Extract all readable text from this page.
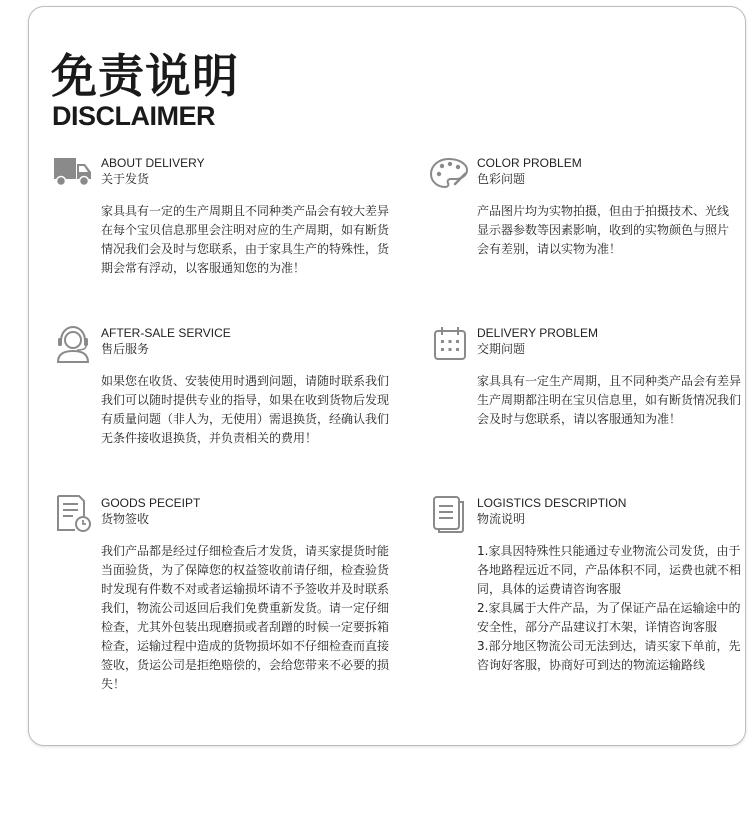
免责说明
DISCLAIMER
ABOUT DELIVERY
关于发货

家具具有一定的生产周期且不同种类产品会有较大差异
在每个宝贝信息那里会注明对应的生产周期，如有断货
情况我们会及时与您联系，由于家具生产的特殊性，货
期会常有浮动，以客服通知您的为准！

COLOR PROBLEM
色彩问题

产品图片均为实物拍摄，但由于拍摄技术、光线
显示器参数等因素影响，收到的实物颜色与照片
会有差别，请以实物为准！

AFTER-SALE SERVICE
售后服务

如果您在收货、安装使用时遇到问题，请随时联系我们
我们可以随时提供专业的指导，如果在收到货物后发现
有质量问题（非人为，无使用）需退换货，经确认我们
无条件接收退换货，并负责相关的费用！

DELIVERY PROBLEM
交期问题

家具具有一定生产周期，且不同种类产品会有差异
生产周期都注明在宝贝信息里，如有断货情况我们
会及时与您联系，请以客服通知为准！

GOODS PECEIPT
货物签收

我们产品都是经过仔细检查后才发货，请买家提货时能
当面验货，为了保障您的权益签收前请仔细，检查验货
时发现有件数不对或者运输损坏请不予签收并及时联系
我们，物流公司返回后我们免费重新发货。请一定仔细
检查，尤其外包装出现磨损或者刮蹭的时候一定要拆箱
检查，运输过程中造成的货物损坏如不仔细检查而直接
签收，货运公司是拒绝赔偿的，会给您带来不必要的损
失！

LOGISTICS DESCRIPTION
物流说明

1.家具因特殊性只能通过专业物流公司发货，由于
各地路程远近不同，产品体积不同，运费也就不相
同，具体的运费请咨询客服
2.家具属于大件产品，为了保证产品在运输途中的
安全性，部分产品建议打木架，详情咨询客服
3.部分地区物流公司无法到达，请买家下单前，先
咨询好客服，协商好可到达的物流运输路线
